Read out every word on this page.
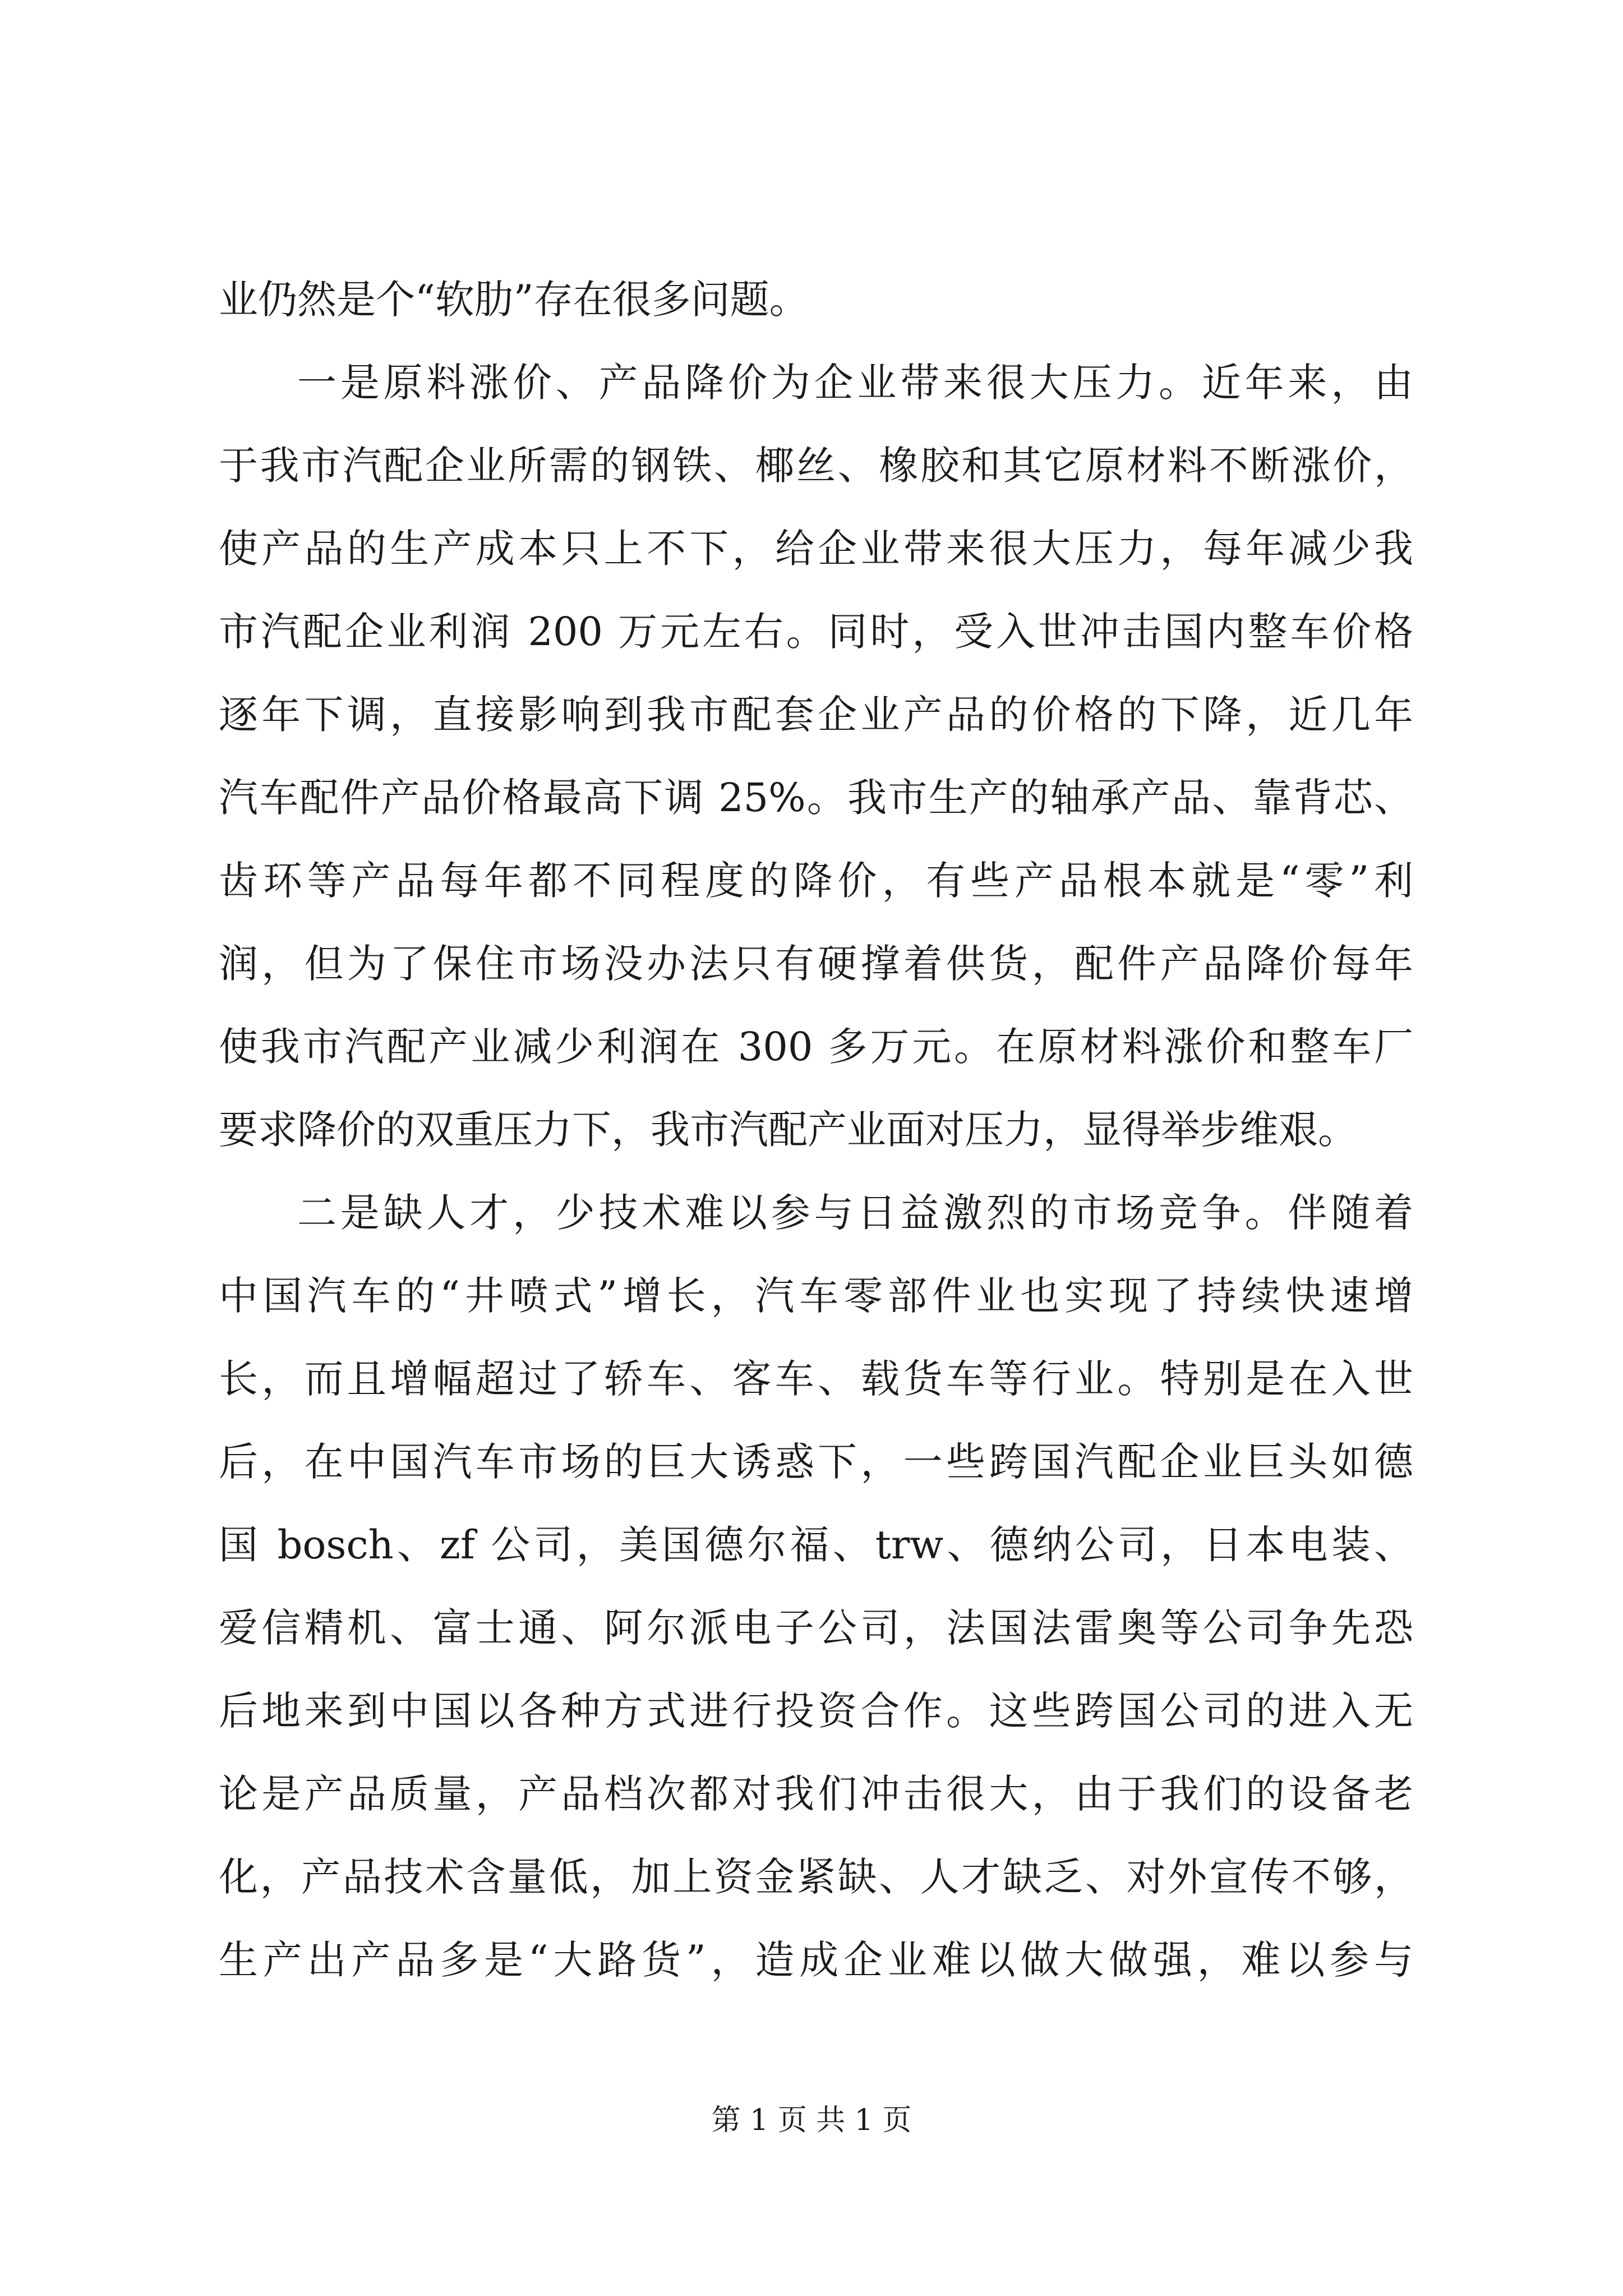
业仍然是个“软肋”存在很多问题。
一是原料涨价、产品降价为企业带来很大压力。近年来，由
于我市汽配企业所需的钢铁、椰丝、橡胶和其它原材料不断涨价，
使产品的生产成本只上不下，给企业带来很大压力，每年减少我
市汽配企业利润 200 万元左右。同时，受入世冲击国内整车价格
逐年下调，直接影响到我市配套企业产品的价格的下降，近几年
汽车配件产品价格最高下调 25%。我市生产的轴承产品、靠背芯、
齿环等产品每年都不同程度的降价，有些产品根本就是“零”利
润，但为了保住市场没办法只有硬撑着供货，配件产品降价每年
使我市汽配产业减少利润在 300 多万元。在原材料涨价和整车厂
要求降价的双重压力下，我市汽配产业面对压力，显得举步维艰。
二是缺人才，少技术难以参与日益激烈的市场竞争。伴随着
中国汽车的“井喷式”增长，汽车零部件业也实现了持续快速增
长，而且增幅超过了轿车、客车、载货车等行业。特别是在入世
后，在中国汽车市场的巨大诱惑下，一些跨国汽配企业巨头如德
国 bosch、zf 公司，美国德尔福、trw、德纳公司，日本电装、
爱信精机、富士通、阿尔派电子公司，法国法雷奥等公司争先恐
后地来到中国以各种方式进行投资合作。这些跨国公司的进入无
论是产品质量，产品档次都对我们冲击很大，由于我们的设备老
化，产品技术含量低，加上资金紧缺、人才缺乏、对外宣传不够，
生产出产品多是“大路货”，造成企业难以做大做强，难以参与
第 1 页 共 1 页
